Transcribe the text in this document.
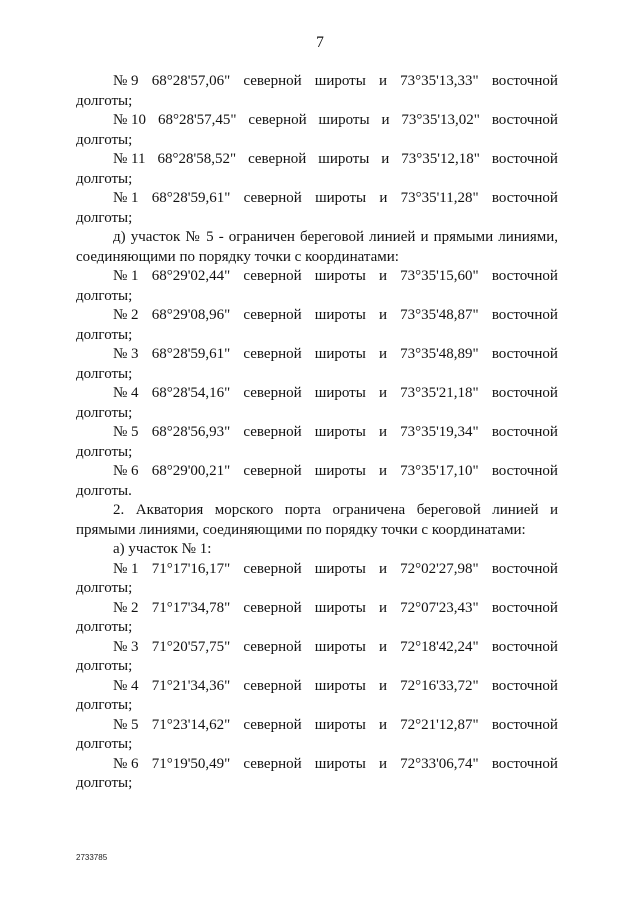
7
№ 9 68°28'57,06" северной широты и 73°35'13,33" восточной
долготы;
№ 10 68°28'57,45" северной широты и 73°35'13,02" восточной
долготы;
№ 11 68°28'58,52" северной широты и 73°35'12,18" восточной
долготы;
№ 1 68°28'59,61" северной широты и 73°35'11,28" восточной
долготы;
д) участок № 5 - ограничен береговой линией и прямыми линиями,
соединяющими по порядку точки с координатами:
№ 1 68°29'02,44" северной широты и 73°35'15,60" восточной
долготы;
№ 2 68°29'08,96" северной широты и 73°35'48,87" восточной
долготы;
№ 3 68°28'59,61" северной широты и 73°35'48,89" восточной
долготы;
№ 4 68°28'54,16" северной широты и 73°35'21,18" восточной
долготы;
№ 5 68°28'56,93" северной широты и 73°35'19,34" восточной
долготы;
№ 6 68°29'00,21" северной широты и 73°35'17,10" восточной
долготы.
2. Акватория морского порта ограничена береговой линией и
прямыми линиями, соединяющими по порядку точки с координатами:
а) участок № 1:
№ 1 71°17'16,17" северной широты и 72°02'27,98" восточной
долготы;
№ 2 71°17'34,78" северной широты и 72°07'23,43" восточной
долготы;
№ 3 71°20'57,75" северной широты и 72°18'42,24" восточной
долготы;
№ 4 71°21'34,36" северной широты и 72°16'33,72" восточной
долготы;
№ 5 71°23'14,62" северной широты и 72°21'12,87" восточной
долготы;
№ 6 71°19'50,49" северной широты и 72°33'06,74" восточной
долготы;
2733785
